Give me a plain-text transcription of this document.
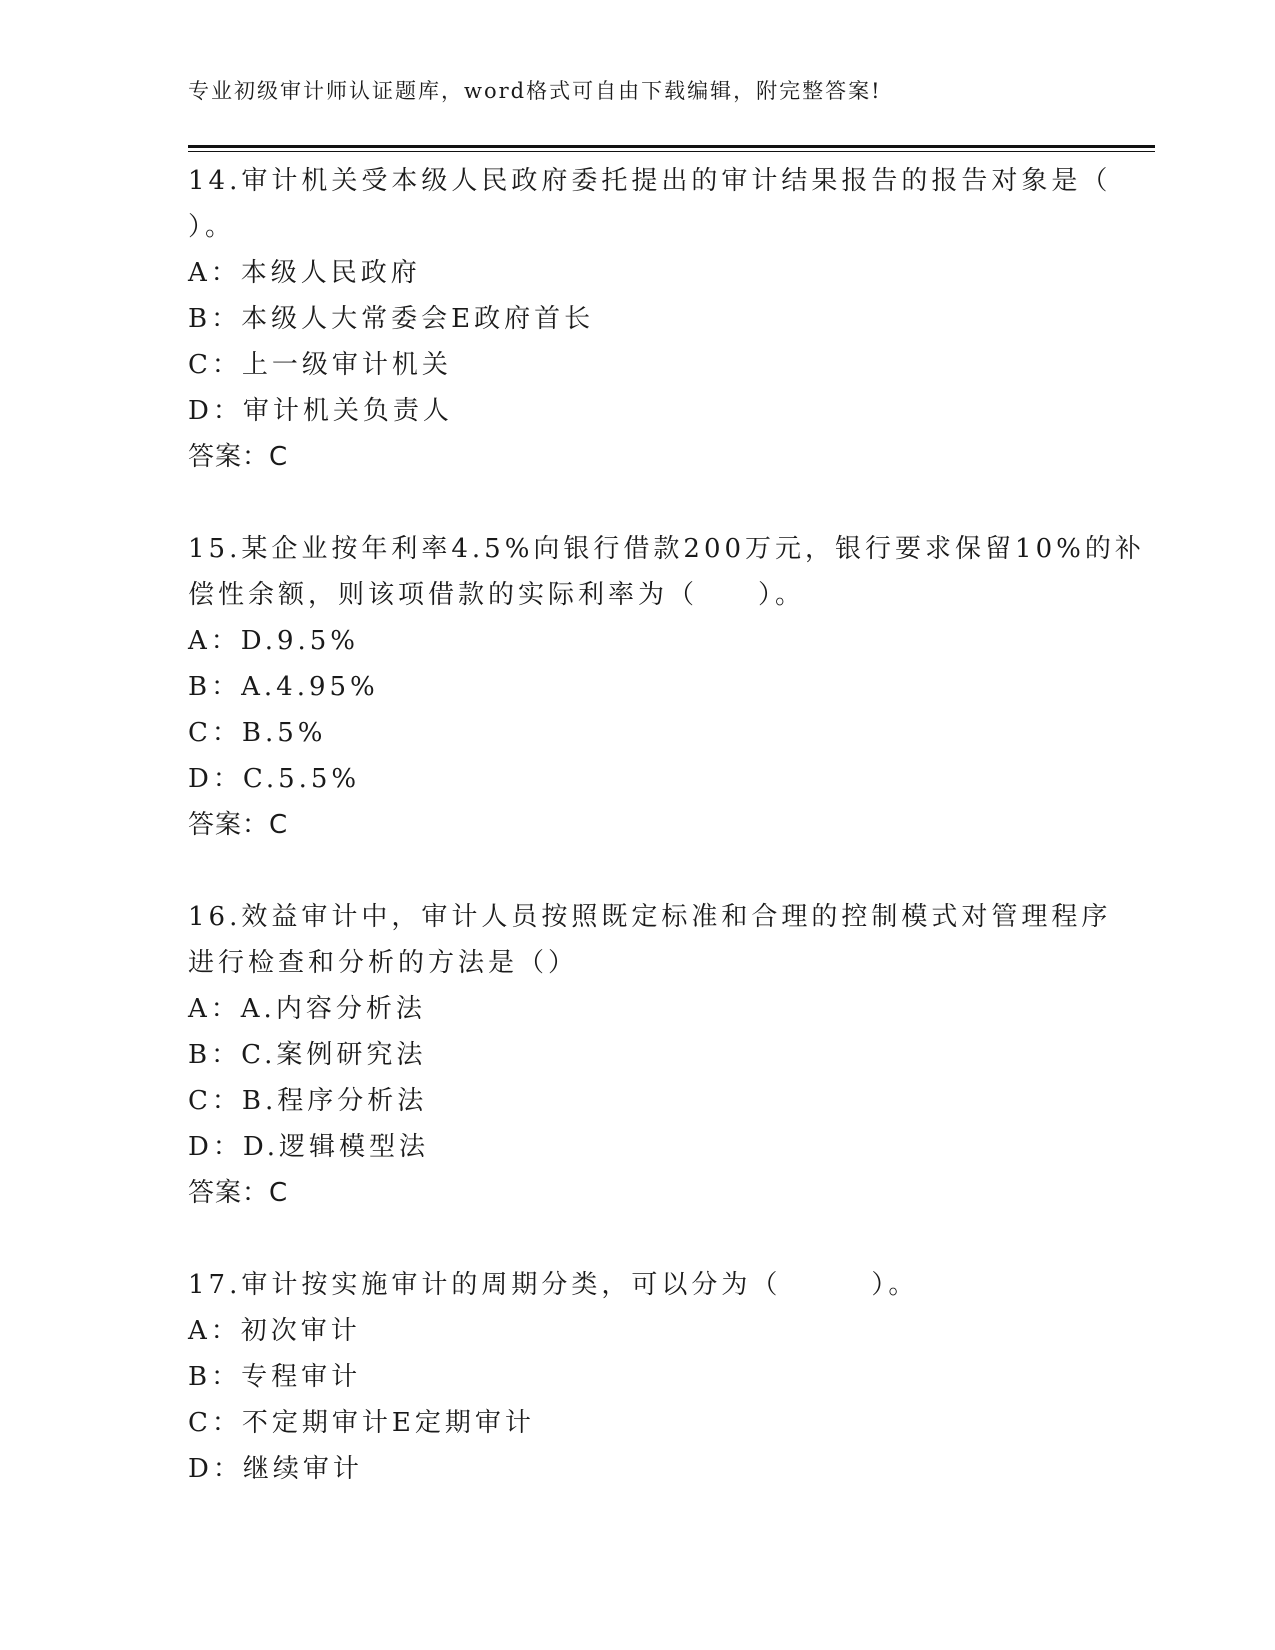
专业初级审计师认证题库，word格式可自由下载编辑，附完整答案!
14.审计机关受本级人民政府委托提出的审计结果报告的报告对象是（
）。
A：本级人民政府
B：本级人大常委会E政府首长
C：上一级审计机关
D：审计机关负责人
答案：C
15.某企业按年利率4.5%向银行借款200万元，银行要求保留10%的补
偿性余额，则该项借款的实际利率为（　　）。
A：D.9.5%
B：A.4.95%
C：B.5%
D：C.5.5%
答案：C
16.效益审计中，审计人员按照既定标准和合理的控制模式对管理程序
进行检查和分析的方法是（）
A：A.内容分析法
B：C.案例研究法
C：B.程序分析法
D：D.逻辑模型法
答案：C
17.审计按实施审计的周期分类，可以分为（　　　）。
A：初次审计
B：专程审计
C：不定期审计E定期审计
D：继续审计
